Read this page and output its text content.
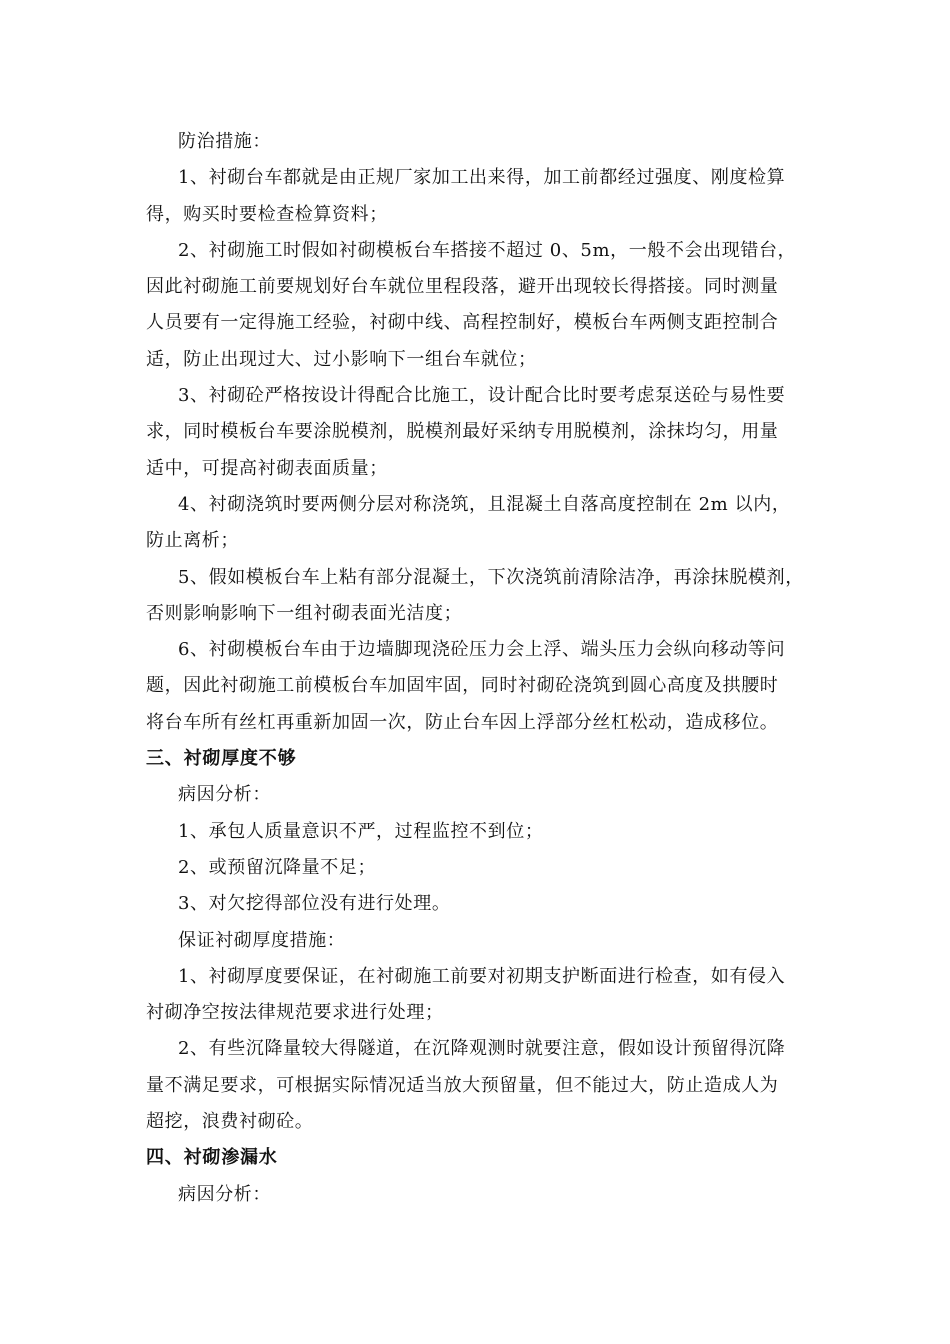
防治措施：
1、衬砌台车都就是由正规厂家加工出来得，加工前都经过强度、刚度检算
得，购买时要检查检算资料；
2、衬砌施工时假如衬砌模板台车搭接不超过 0、5m，一般不会出现错台，
因此衬砌施工前要规划好台车就位里程段落，避开出现较长得搭接。同时测量
人员要有一定得施工经验，衬砌中线、高程控制好，模板台车两侧支距控制合
适，防止出现过大、过小影响下一组台车就位；
3、衬砌砼严格按设计得配合比施工，设计配合比时要考虑泵送砼与易性要
求，同时模板台车要涂脱模剂，脱模剂最好采纳专用脱模剂，涂抹均匀，用量
适中，可提高衬砌表面质量；
4、衬砌浇筑时要两侧分层对称浇筑，且混凝土自落高度控制在 2m 以内，
防止离析；
5、假如模板台车上粘有部分混凝土，下次浇筑前清除洁净，再涂抹脱模剂，
否则影响影响下一组衬砌表面光洁度；
6、衬砌模板台车由于边墙脚现浇砼压力会上浮、端头压力会纵向移动等问
题，因此衬砌施工前模板台车加固牢固，同时衬砌砼浇筑到圆心高度及拱腰时
将台车所有丝杠再重新加固一次，防止台车因上浮部分丝杠松动，造成移位。
三、衬砌厚度不够
病因分析：
1、承包人质量意识不严，过程监控不到位；
2、或预留沉降量不足；
3、对欠挖得部位没有进行处理。
保证衬砌厚度措施：
1、衬砌厚度要保证，在衬砌施工前要对初期支护断面进行检查，如有侵入
衬砌净空按法律规范要求进行处理；
2、有些沉降量较大得隧道，在沉降观测时就要注意，假如设计预留得沉降
量不满足要求，可根据实际情况适当放大预留量，但不能过大，防止造成人为
超挖，浪费衬砌砼。
四、衬砌渗漏水
病因分析：
